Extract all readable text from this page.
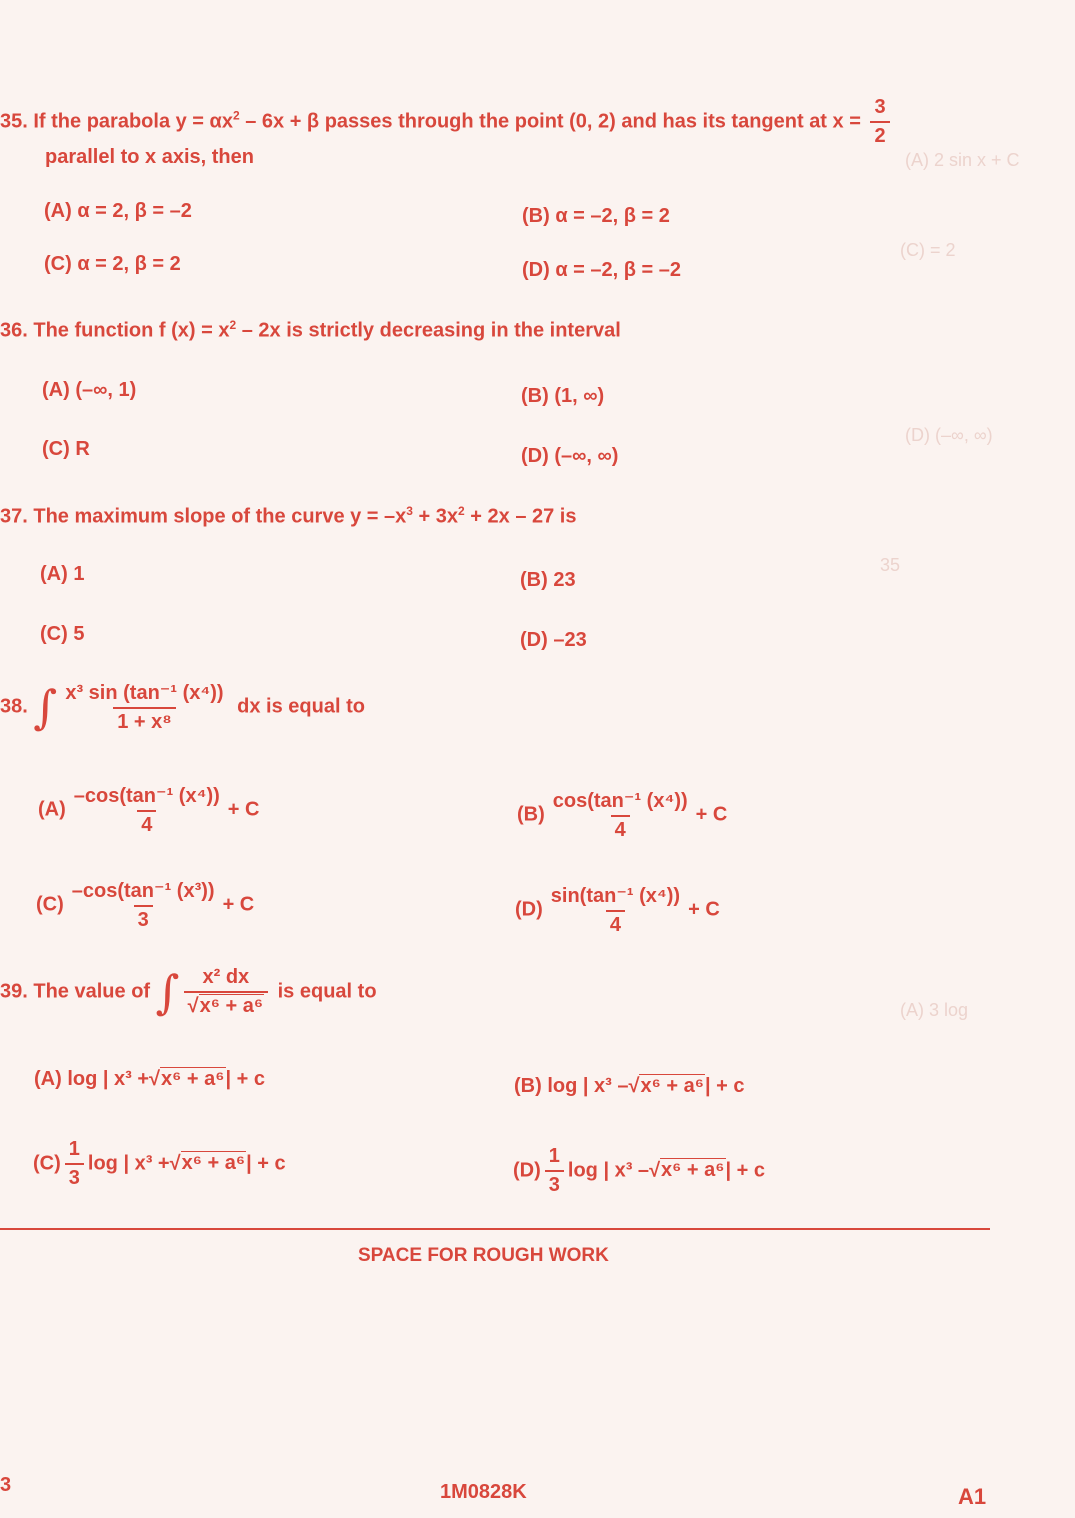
(A) 2 sin x + C
(C) = 2
(D) (–∞, ∞)
35
(A) 3 log
35. If the parabola $y = \alpha x^2 - 6x + \beta$ passes through the point (0, 2) and has its tangent at $x = \frac{3}{2}$
parallel to x axis, then
(A) α = 2, β = –2	(B) α = –2, β = 2
(C) α = 2, β = 2	(D) α = –2, β = –2
36. The function f $(x) = x^2 - 2x$ is strictly decreasing in the interval
(A) (–∞, 1)	(B) (1, ∞)
(C) R	(D) (–∞, ∞)
37. The maximum slope of the curve $y = -x^3 + 3x^2 + 2x - 27$ is
(A) 1	(B) 23
(C) 5	(D) –23
38. ∫ $\frac{\text{x³ sin (tan⁻¹ (x⁴))}}{\text{1 + x⁸}}$ dx is equal to
$(A) \frac{\text{–cos(tan⁻¹ (x⁴))}}{4} + C$	$(B) \frac{\text{cos(tan⁻¹ (x⁴))}}{4} + C$
$(C) \frac{\text{–cos(tan⁻¹ (x³))}}{3} + C$	$(D) \frac{\text{sin(tan⁻¹ (x⁴))}}{4} + C$
39. The value of ∫ $\frac{\text{x² dx}}{\text{√x⁶ + a⁶}}$ is equal to
(A) log | x³ +√x⁶ + a⁶| + c	(B) log | x³ –√x⁶ + a⁶| + c
$(C) \frac{1}{3}$ log | x³ +√x⁶ + a⁶| + c	$(D) \frac{1}{3}$ log | x³ –√x⁶ + a⁶| + c
SPACE FOR ROUGH WORK
3	1M0828K	A1
